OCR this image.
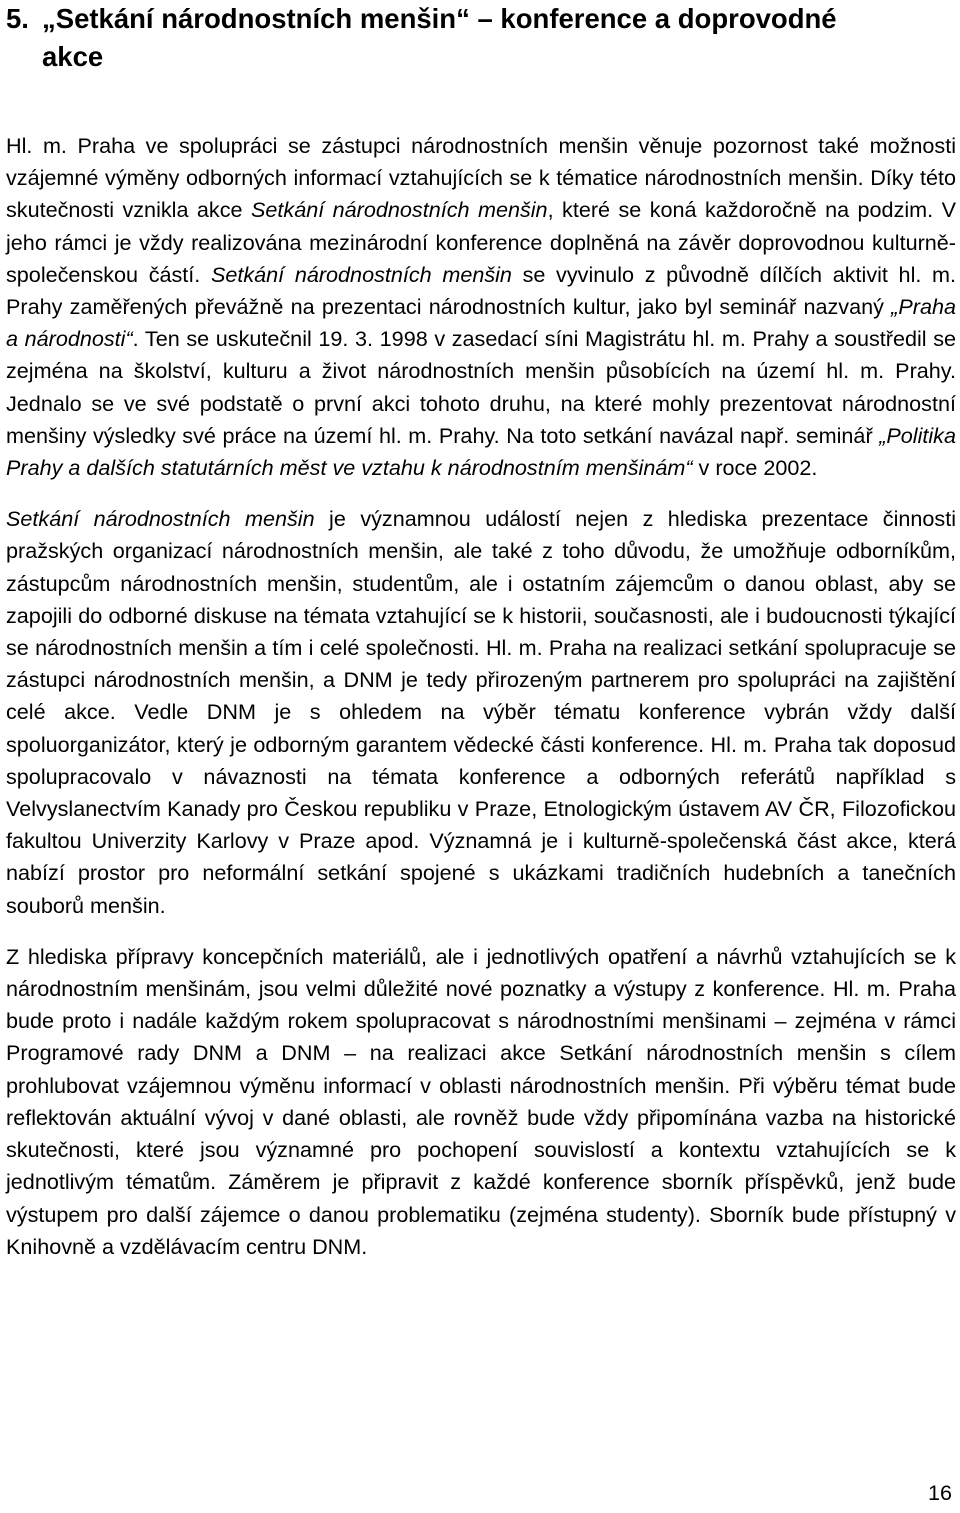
5. „Setkání národnostních menšin“ – konference a doprovodné
akce

Hl. m. Praha ve spolupráci se zástupci národnostních menšin věnuje pozornost také možnosti vzájemné výměny odborných informací vztahujících se k tématice národnostních menšin. Díky této skutečnosti vznikla akce Setkání národnostních menšin, které se koná každoročně na podzim. V jeho rámci je vždy realizována mezinárodní konference doplněná na závěr doprovodnou kulturně-společenskou částí. Setkání národnostních menšin se vyvinulo z původně dílčích aktivit hl. m. Prahy zaměřených převážně na prezentaci národnostních kultur, jako byl seminář nazvaný „Praha a národnosti“. Ten se uskutečnil 19. 3. 1998 v zasedací síni Magistrátu hl. m. Prahy a soustředil se zejména na školství, kulturu a život národnostních menšin působících na území hl. m. Prahy. Jednalo se ve své podstatě o první akci tohoto druhu, na které mohly prezentovat národnostní menšiny výsledky své práce na území hl. m. Prahy. Na toto setkání navázal např. seminář „Politika Prahy a dalších statutárních měst ve vztahu k národnostním menšinám“ v roce 2002.

Setkání národnostních menšin je významnou událostí nejen z hlediska prezentace činnosti pražských organizací národnostních menšin, ale také z toho důvodu, že umožňuje odborníkům, zástupcům národnostních menšin, studentům, ale i ostatním zájemcům o danou oblast, aby se zapojili do odborné diskuse na témata vztahující se k historii, současnosti, ale i budoucnosti týkající se národnostních menšin a tím i celé společnosti. Hl. m. Praha na realizaci setkání spolupracuje se zástupci národnostních menšin, a DNM je tedy přirozeným partnerem pro spolupráci na zajištění celé akce. Vedle DNM je s ohledem na výběr tématu konference vybrán vždy další spoluorganizátor, který je odborným garantem vědecké části konference. Hl. m. Praha tak doposud spolupracovalo v návaznosti na témata konference a odborných referátů například s Velvyslanectvím Kanady pro Českou republiku v Praze, Etnologickým ústavem AV ČR, Filozofickou fakultou Univerzity Karlovy v Praze apod. Významná je i kulturně-společenská část akce, která nabízí prostor pro neformální setkání spojené s ukázkami tradičních hudebních a tanečních souborů menšin.

Z hlediska přípravy koncepčních materiálů, ale i jednotlivých opatření a návrhů vztahujících se k národnostním menšinám, jsou velmi důležité nové poznatky a výstupy z konference. Hl. m. Praha bude proto i nadále každým rokem spolupracovat s národnostními menšinami – zejména v rámci Programové rady DNM a DNM – na realizaci akce Setkání národnostních menšin s cílem prohlubovat vzájemnou výměnu informací v oblasti národnostních menšin. Při výběru témat bude reflektován aktuální vývoj v dané oblasti, ale rovněž bude vždy připomínána vazba na historické skutečnosti, které jsou významné pro pochopení souvislostí a kontextu vztahujících se k jednotlivým tématům. Záměrem je připravit z každé konference sborník příspěvků, jenž bude výstupem pro další zájemce o danou problematiku (zejména studenty). Sborník bude přístupný v Knihovně a vzdělávacím centru DNM.

16
